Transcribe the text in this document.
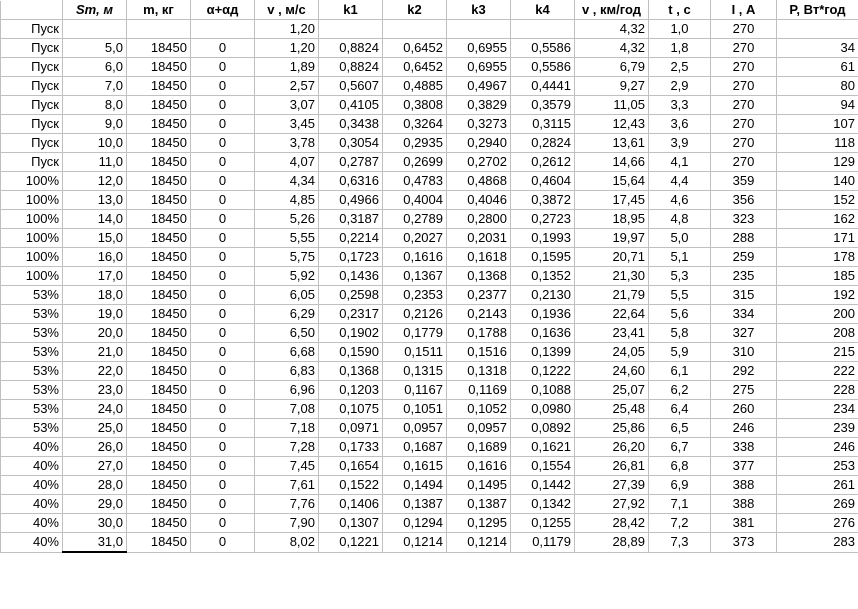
	Sm, м	m, кг	α+αд	v , м/с	k1	k2	k3	k4	v , км/год	t , с	I , А	P, Вт*год
Пуск				1,20					4,32	1,0	270	
Пуск	5,0	18450	0	1,20	0,8824	0,6452	0,6955	0,5586	4,32	1,8	270	34
Пуск	6,0	18450	0	1,89	0,8824	0,6452	0,6955	0,5586	6,79	2,5	270	61
Пуск	7,0	18450	0	2,57	0,5607	0,4885	0,4967	0,4441	9,27	2,9	270	80
Пуск	8,0	18450	0	3,07	0,4105	0,3808	0,3829	0,3579	11,05	3,3	270	94
Пуск	9,0	18450	0	3,45	0,3438	0,3264	0,3273	0,3115	12,43	3,6	270	107
Пуск	10,0	18450	0	3,78	0,3054	0,2935	0,2940	0,2824	13,61	3,9	270	118
Пуск	11,0	18450	0	4,07	0,2787	0,2699	0,2702	0,2612	14,66	4,1	270	129
100%	12,0	18450	0	4,34	0,6316	0,4783	0,4868	0,4604	15,64	4,4	359	140
100%	13,0	18450	0	4,85	0,4966	0,4004	0,4046	0,3872	17,45	4,6	356	152
100%	14,0	18450	0	5,26	0,3187	0,2789	0,2800	0,2723	18,95	4,8	323	162
100%	15,0	18450	0	5,55	0,2214	0,2027	0,2031	0,1993	19,97	5,0	288	171
100%	16,0	18450	0	5,75	0,1723	0,1616	0,1618	0,1595	20,71	5,1	259	178
100%	17,0	18450	0	5,92	0,1436	0,1367	0,1368	0,1352	21,30	5,3	235	185
53%	18,0	18450	0	6,05	0,2598	0,2353	0,2377	0,2130	21,79	5,5	315	192
53%	19,0	18450	0	6,29	0,2317	0,2126	0,2143	0,1936	22,64	5,6	334	200
53%	20,0	18450	0	6,50	0,1902	0,1779	0,1788	0,1636	23,41	5,8	327	208
53%	21,0	18450	0	6,68	0,1590	0,1511	0,1516	0,1399	24,05	5,9	310	215
53%	22,0	18450	0	6,83	0,1368	0,1315	0,1318	0,1222	24,60	6,1	292	222
53%	23,0	18450	0	6,96	0,1203	0,1167	0,1169	0,1088	25,07	6,2	275	228
53%	24,0	18450	0	7,08	0,1075	0,1051	0,1052	0,0980	25,48	6,4	260	234
53%	25,0	18450	0	7,18	0,0971	0,0957	0,0957	0,0892	25,86	6,5	246	239
40%	26,0	18450	0	7,28	0,1733	0,1687	0,1689	0,1621	26,20	6,7	338	246
40%	27,0	18450	0	7,45	0,1654	0,1615	0,1616	0,1554	26,81	6,8	377	253
40%	28,0	18450	0	7,61	0,1522	0,1494	0,1495	0,1442	27,39	6,9	388	261
40%	29,0	18450	0	7,76	0,1406	0,1387	0,1387	0,1342	27,92	7,1	388	269
40%	30,0	18450	0	7,90	0,1307	0,1294	0,1295	0,1255	28,42	7,2	381	276
40%	31,0	18450	0	8,02	0,1221	0,1214	0,1214	0,1179	28,89	7,3	373	283
